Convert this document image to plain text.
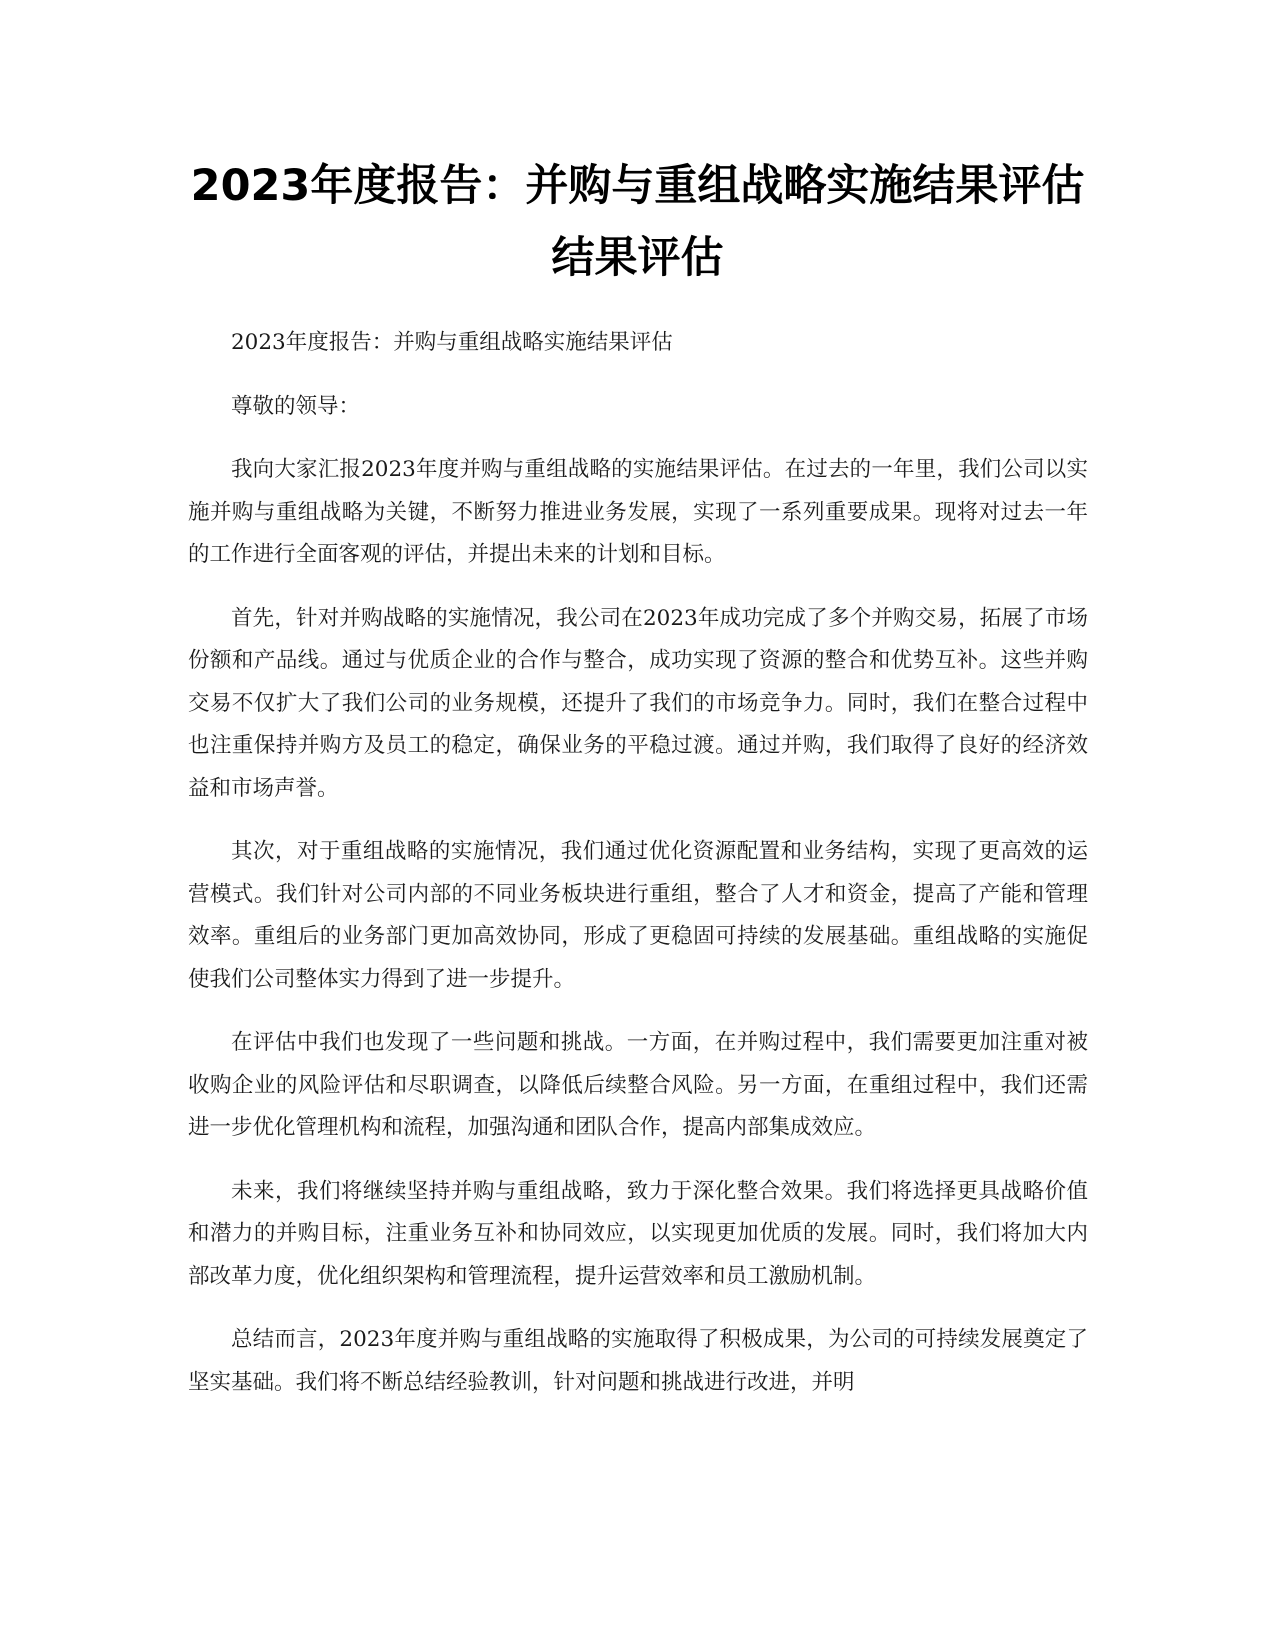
2023年度报告：并购与重组战略实施结果评估结果评估

2023年度报告：并购与重组战略实施结果评估

尊敬的领导：

我向大家汇报2023年度并购与重组战略的实施结果评估。在过去的一年里，我们公司以实施并购与重组战略为关键，不断努力推进业务发展，实现了一系列重要成果。现将对过去一年的工作进行全面客观的评估，并提出未来的计划和目标。

首先，针对并购战略的实施情况，我公司在2023年成功完成了多个并购交易，拓展了市场份额和产品线。通过与优质企业的合作与整合，成功实现了资源的整合和优势互补。这些并购交易不仅扩大了我们公司的业务规模，还提升了我们的市场竞争力。同时，我们在整合过程中也注重保持并购方及员工的稳定，确保业务的平稳过渡。通过并购，我们取得了良好的经济效益和市场声誉。

其次，对于重组战略的实施情况，我们通过优化资源配置和业务结构，实现了更高效的运营模式。我们针对公司内部的不同业务板块进行重组，整合了人才和资金，提高了产能和管理效率。重组后的业务部门更加高效协同，形成了更稳固可持续的发展基础。重组战略的实施促使我们公司整体实力得到了进一步提升。

在评估中我们也发现了一些问题和挑战。一方面，在并购过程中，我们需要更加注重对被收购企业的风险评估和尽职调查，以降低后续整合风险。另一方面，在重组过程中，我们还需进一步优化管理机构和流程，加强沟通和团队合作，提高内部集成效应。

未来，我们将继续坚持并购与重组战略，致力于深化整合效果。我们将选择更具战略价值和潜力的并购目标，注重业务互补和协同效应，以实现更加优质的发展。同时，我们将加大内部改革力度，优化组织架构和管理流程，提升运营效率和员工激励机制。

总结而言，2023年度并购与重组战略的实施取得了积极成果，为公司的可持续发展奠定了坚实基础。我们将不断总结经验教训，针对问题和挑战进行改进，并明
